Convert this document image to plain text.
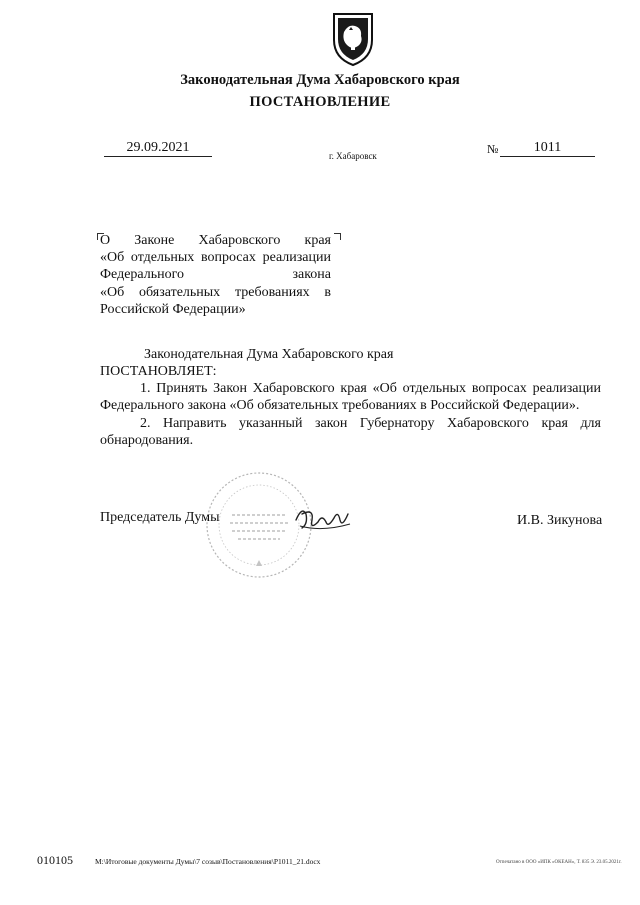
Законодательная Дума Хабаровского края
ПОСТАНОВЛЕНИЕ
29.09.2021
г. Хабаровск	№	1011
О Законе Хабаровского края
«Об отдельных вопросах реализации
Федерального закона
«Об обязательных требованиях в
Российской Федерации»
Законодательная Дума Хабаровского края
ПОСТАНОВЛЯЕТ:
1. Принять Закон Хабаровского края «Об отдельных вопросах реализации
Федерального закона «Об обязательных требованиях в Российской Федерации».
2. Направить указанный закон Губернатору Хабаровского края для
обнародования.
Председатель Думы	И.В. Зикунова
010105	M:\Итоговые документы Думы\7 созыв\Постановления\P1011_21.docx	Отпечатано в ООО «ИПК «ОКЕАН», Т. 835 Э. 23.05.2021г.
